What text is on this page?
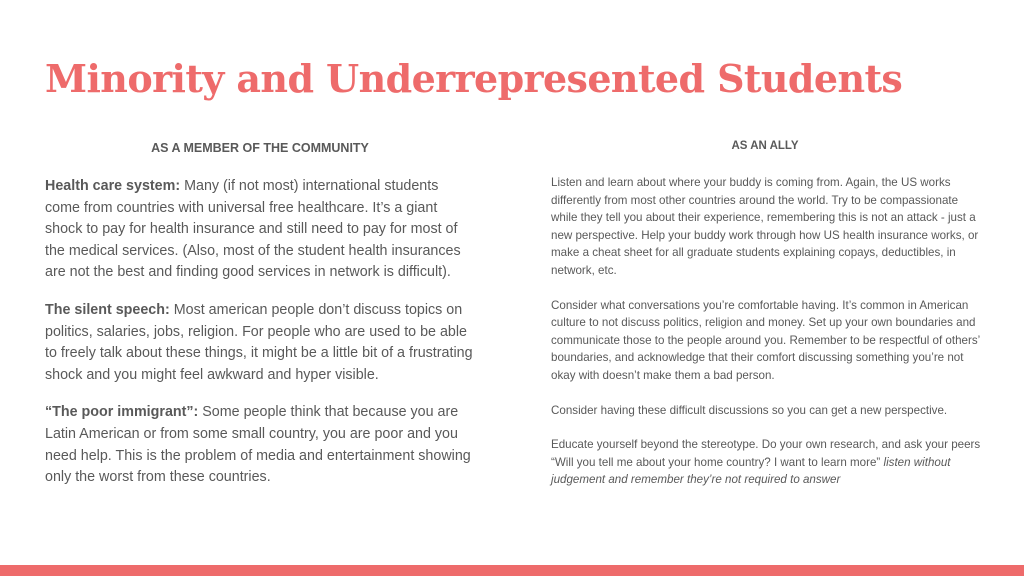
Minority and Underrepresented Students
AS A MEMBER OF THE COMMUNITY

Health care system: Many (if not most) international students come from countries with universal free healthcare. It’s a giant shock to pay for health insurance and still need to pay for most of the medical services. (Also, most of the student health insurances are not the best and finding good services in network is difficult).

The silent speech: Most american people don’t discuss topics on politics, salaries, jobs, religion. For people who are used to be able to freely talk about these things, it might be a little bit of a frustrating shock and you might feel awkward and hyper visible.

“The poor immigrant”: Some people think that because you are Latin American or from some small country, you are poor and you need help. This is the problem of media and entertainment showing only the worst from these countries.

AS AN ALLY

Listen and learn about where your buddy is coming from. Again, the US works differently from most other countries around the world. Try to be compassionate while they tell you about their experience, remembering this is not an attack - just a new perspective. Help your buddy work through how US health insurance works, or make a cheat sheet for all graduate students explaining copays, deductibles, in network, etc.

Consider what conversations you’re comfortable having. It’s common in American culture to not discuss politics, religion and money. Set up your own boundaries and communicate those to the people around you. Remember to be respectful of others’ boundaries, and acknowledge that their comfort discussing something you’re not okay with doesn’t make them a bad person.

Consider having these difficult discussions so you can get a new perspective.

Educate yourself beyond the stereotype. Do your own research, and ask your peers “Will you tell me about your home country? I want to learn more” listen without judgement and remember they’re not required to answer
